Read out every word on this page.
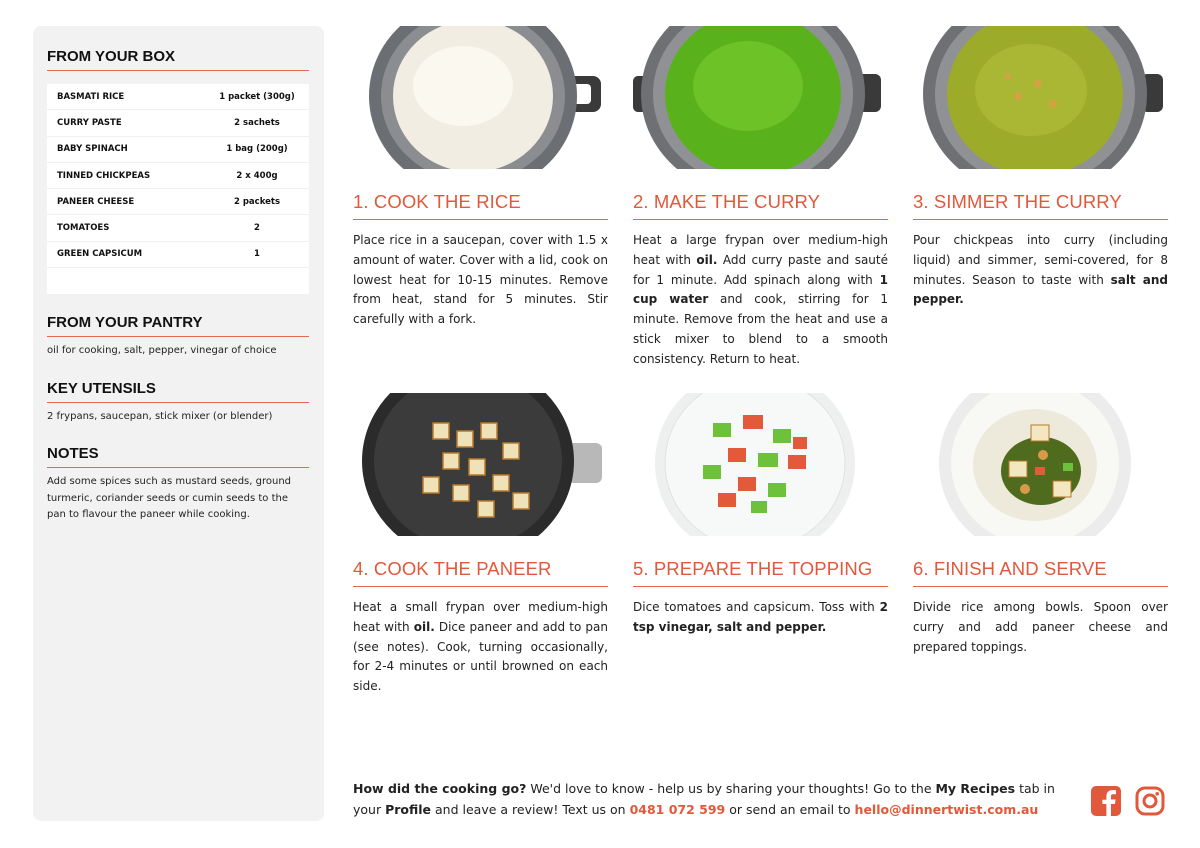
FROM YOUR BOX
BASMATI RICE	1 packet (300g)
CURRY PASTE	2 sachets
BABY SPINACH	1 bag (200g)
TINNED CHICKPEAS	2 x 400g
PANEER CHEESE	2 packets
TOMATOES	2
GREEN CAPSICUM	1
FROM YOUR PANTRY
oil for cooking, salt, pepper, vinegar of choice
KEY UTENSILS
2 frypans, saucepan, stick mixer (or blender)
NOTES
Add some spices such as mustard seeds, ground turmeric, coriander seeds or cumin seeds to the pan to flavour the paneer while cooking.
1. COOK THE RICE

Place rice in a saucepan, cover with 1.5 x amount of water. Cover with a lid, cook on lowest heat for 10-15 minutes. Remove from heat, stand for 5 minutes. Stir carefully with a fork.

2. MAKE THE CURRY

Heat a large frypan over medium-high heat with oil. Add curry paste and sauté for 1 minute. Add spinach along with 1 cup water and cook, stirring for 1 minute. Remove from the heat and use a stick mixer to blend to a smooth consistency. Return to heat.

3. SIMMER THE CURRY

Pour chickpeas into curry (including liquid) and simmer, semi-covered, for 8 minutes. Season to taste with salt and pepper.

4. COOK THE PANEER

Heat a small frypan over medium-high heat with oil. Dice paneer and add to pan (see notes). Cook, turning occasionally, for 2-4 minutes or until browned on each side.

5. PREPARE THE TOPPING

Dice tomatoes and capsicum. Toss with 2 tsp vinegar, salt and pepper.

6. FINISH AND SERVE

Divide rice among bowls. Spoon over curry and add paneer cheese and prepared toppings.

How did the cooking go? We'd love to know - help us by sharing your thoughts! Go to the My Recipes tab in your Profile and leave a review! Text us on 0481 072 599 or send an email to hello@dinnertwist.com.au
